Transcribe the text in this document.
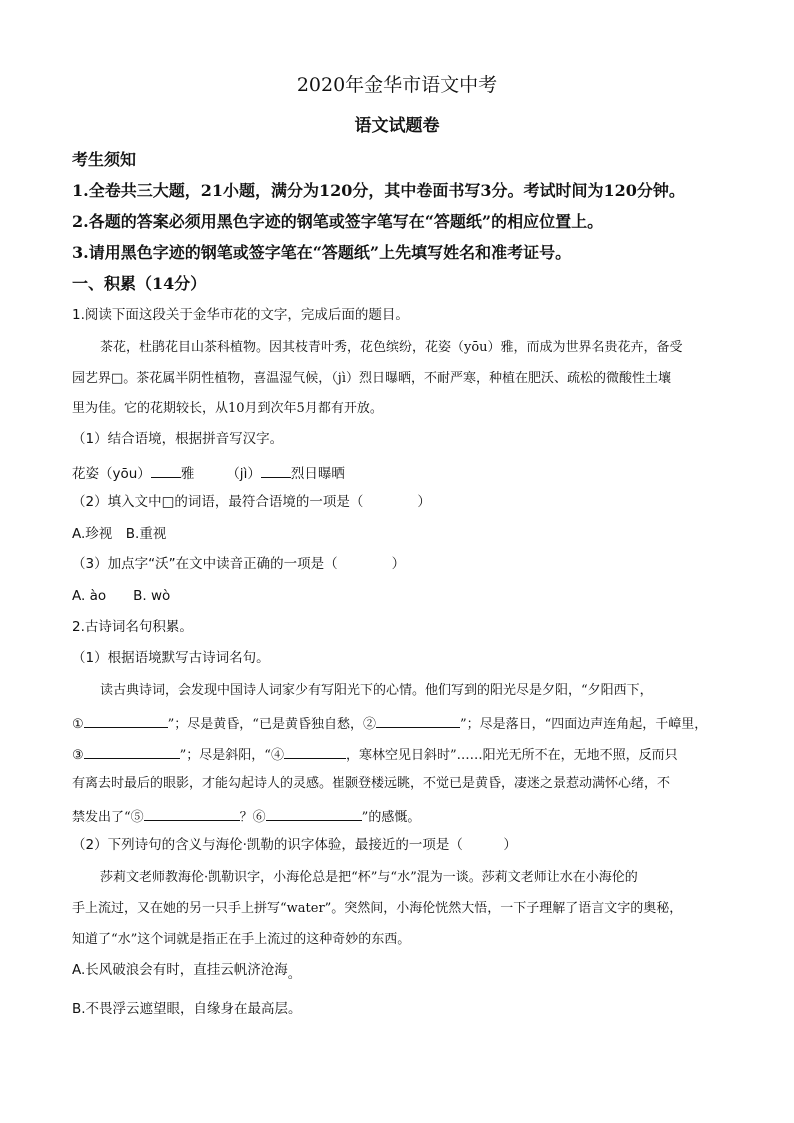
2020年金华市语文中考
语文试题卷
考生须知
1.全卷共三大题，21小题，满分为120分，其中卷面书写3分。考试时间为120分钟。
2.各题的答案必须用黑色字迹的钢笔或签字笔写在“答题纸”的相应位置上。
3.请用黑色字迹的钢笔或签字笔在“答题纸”上先填写姓名和准考证号。
一、积累（14分）
1.阅读下面这段关于金华市花的文字，完成后面的题目。
茶花，杜鹃花目山茶科植物。因其枝青叶秀，花色缤纷，花姿（yōu）雅，而成为世界名贵花卉，备受
园艺界□。茶花属半阴性植物，喜温湿气候，（jì）烈日曝晒，不耐严寒，种植在肥沃、疏松的微酸性土壤
里为佳。它的花期较长，从10月到次年5月都有开放。
（1）结合语境，根据拼音写汉字。
花姿（yōu） 雅 （jì） 烈日曝晒
（2）填入文中□的词语，最符合语境的一项是（　　　　）
A.珍视　B.重视
（3）加点字“沃”在文中读音正确的一项是（　　　　）
A. ào　　B. wò
2.古诗词名句积累。
（1）根据语境默写古诗词名句。
读古典诗词，会发现中国诗人词家少有写阳光下的心情。他们写到的阳光尽是夕阳，“夕阳西下，
①	”；尽是黄昏，“已是黄昏独自愁，②	”；尽是落日，“四面边声连角起，千嶂里，
③	”；尽是斜阳，“④	，寒林空见日斜时”……阳光无所不在，无地不照，反而只
有离去时最后的眼影，才能勾起诗人的灵感。崔颢登楼远眺，不觉已是黄昏，凄迷之景惹动满怀心绪，不
禁发出了“⑤	？⑥	”的感慨。
（2）下列诗句的含义与海伦·凯勒的识字体验，最接近的一项是（　　　）
莎莉文老师教海伦·凯勒识字，小海伦总是把“杯”与“水”混为一谈。莎莉文老师让水在小海伦的
手上流过，又在她的另一只手上拼写“water”。突然间，小海伦恍然大悟，一下子理解了语言文字的奥秘，
知道了“水”这个词就是指正在手上流过的这种奇妙的东西。
A.长风破浪会有时，直挂云帆济沧海。
B.不畏浮云遮望眼，自缘身在最高层。
